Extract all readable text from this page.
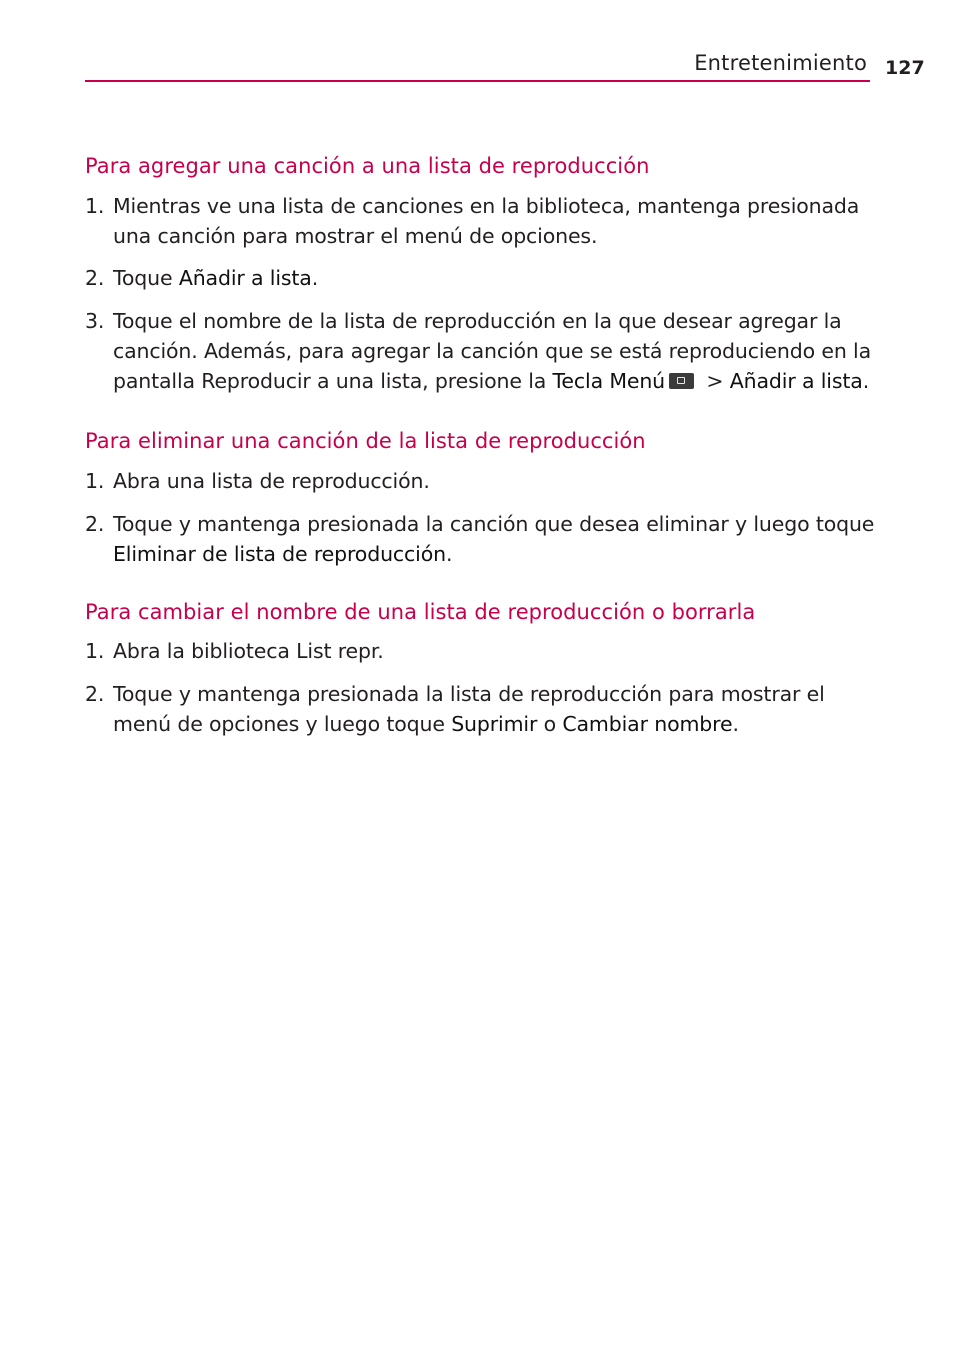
Entretenimiento 127
Para agregar una canción a una lista de reproducción
1. Mientras ve una lista de canciones en la biblioteca, mantenga presionada una canción para mostrar el menú de opciones.
2. Toque Añadir a lista.
3. Toque el nombre de la lista de reproducción en la que desear agregar la canción. Además, para agregar la canción que se está reproduciendo en la pantalla Reproducir a una lista, presione la Tecla Menú > Añadir a lista.
Para eliminar una canción de la lista de reproducción
1. Abra una lista de reproducción.
2. Toque y mantenga presionada la canción que desea eliminar y luego toque Eliminar de lista de reproducción.
Para cambiar el nombre de una lista de reproducción o borrarla
1. Abra la biblioteca List repr.
2. Toque y mantenga presionada la lista de reproducción para mostrar el menú de opciones y luego toque Suprimir o Cambiar nombre.
